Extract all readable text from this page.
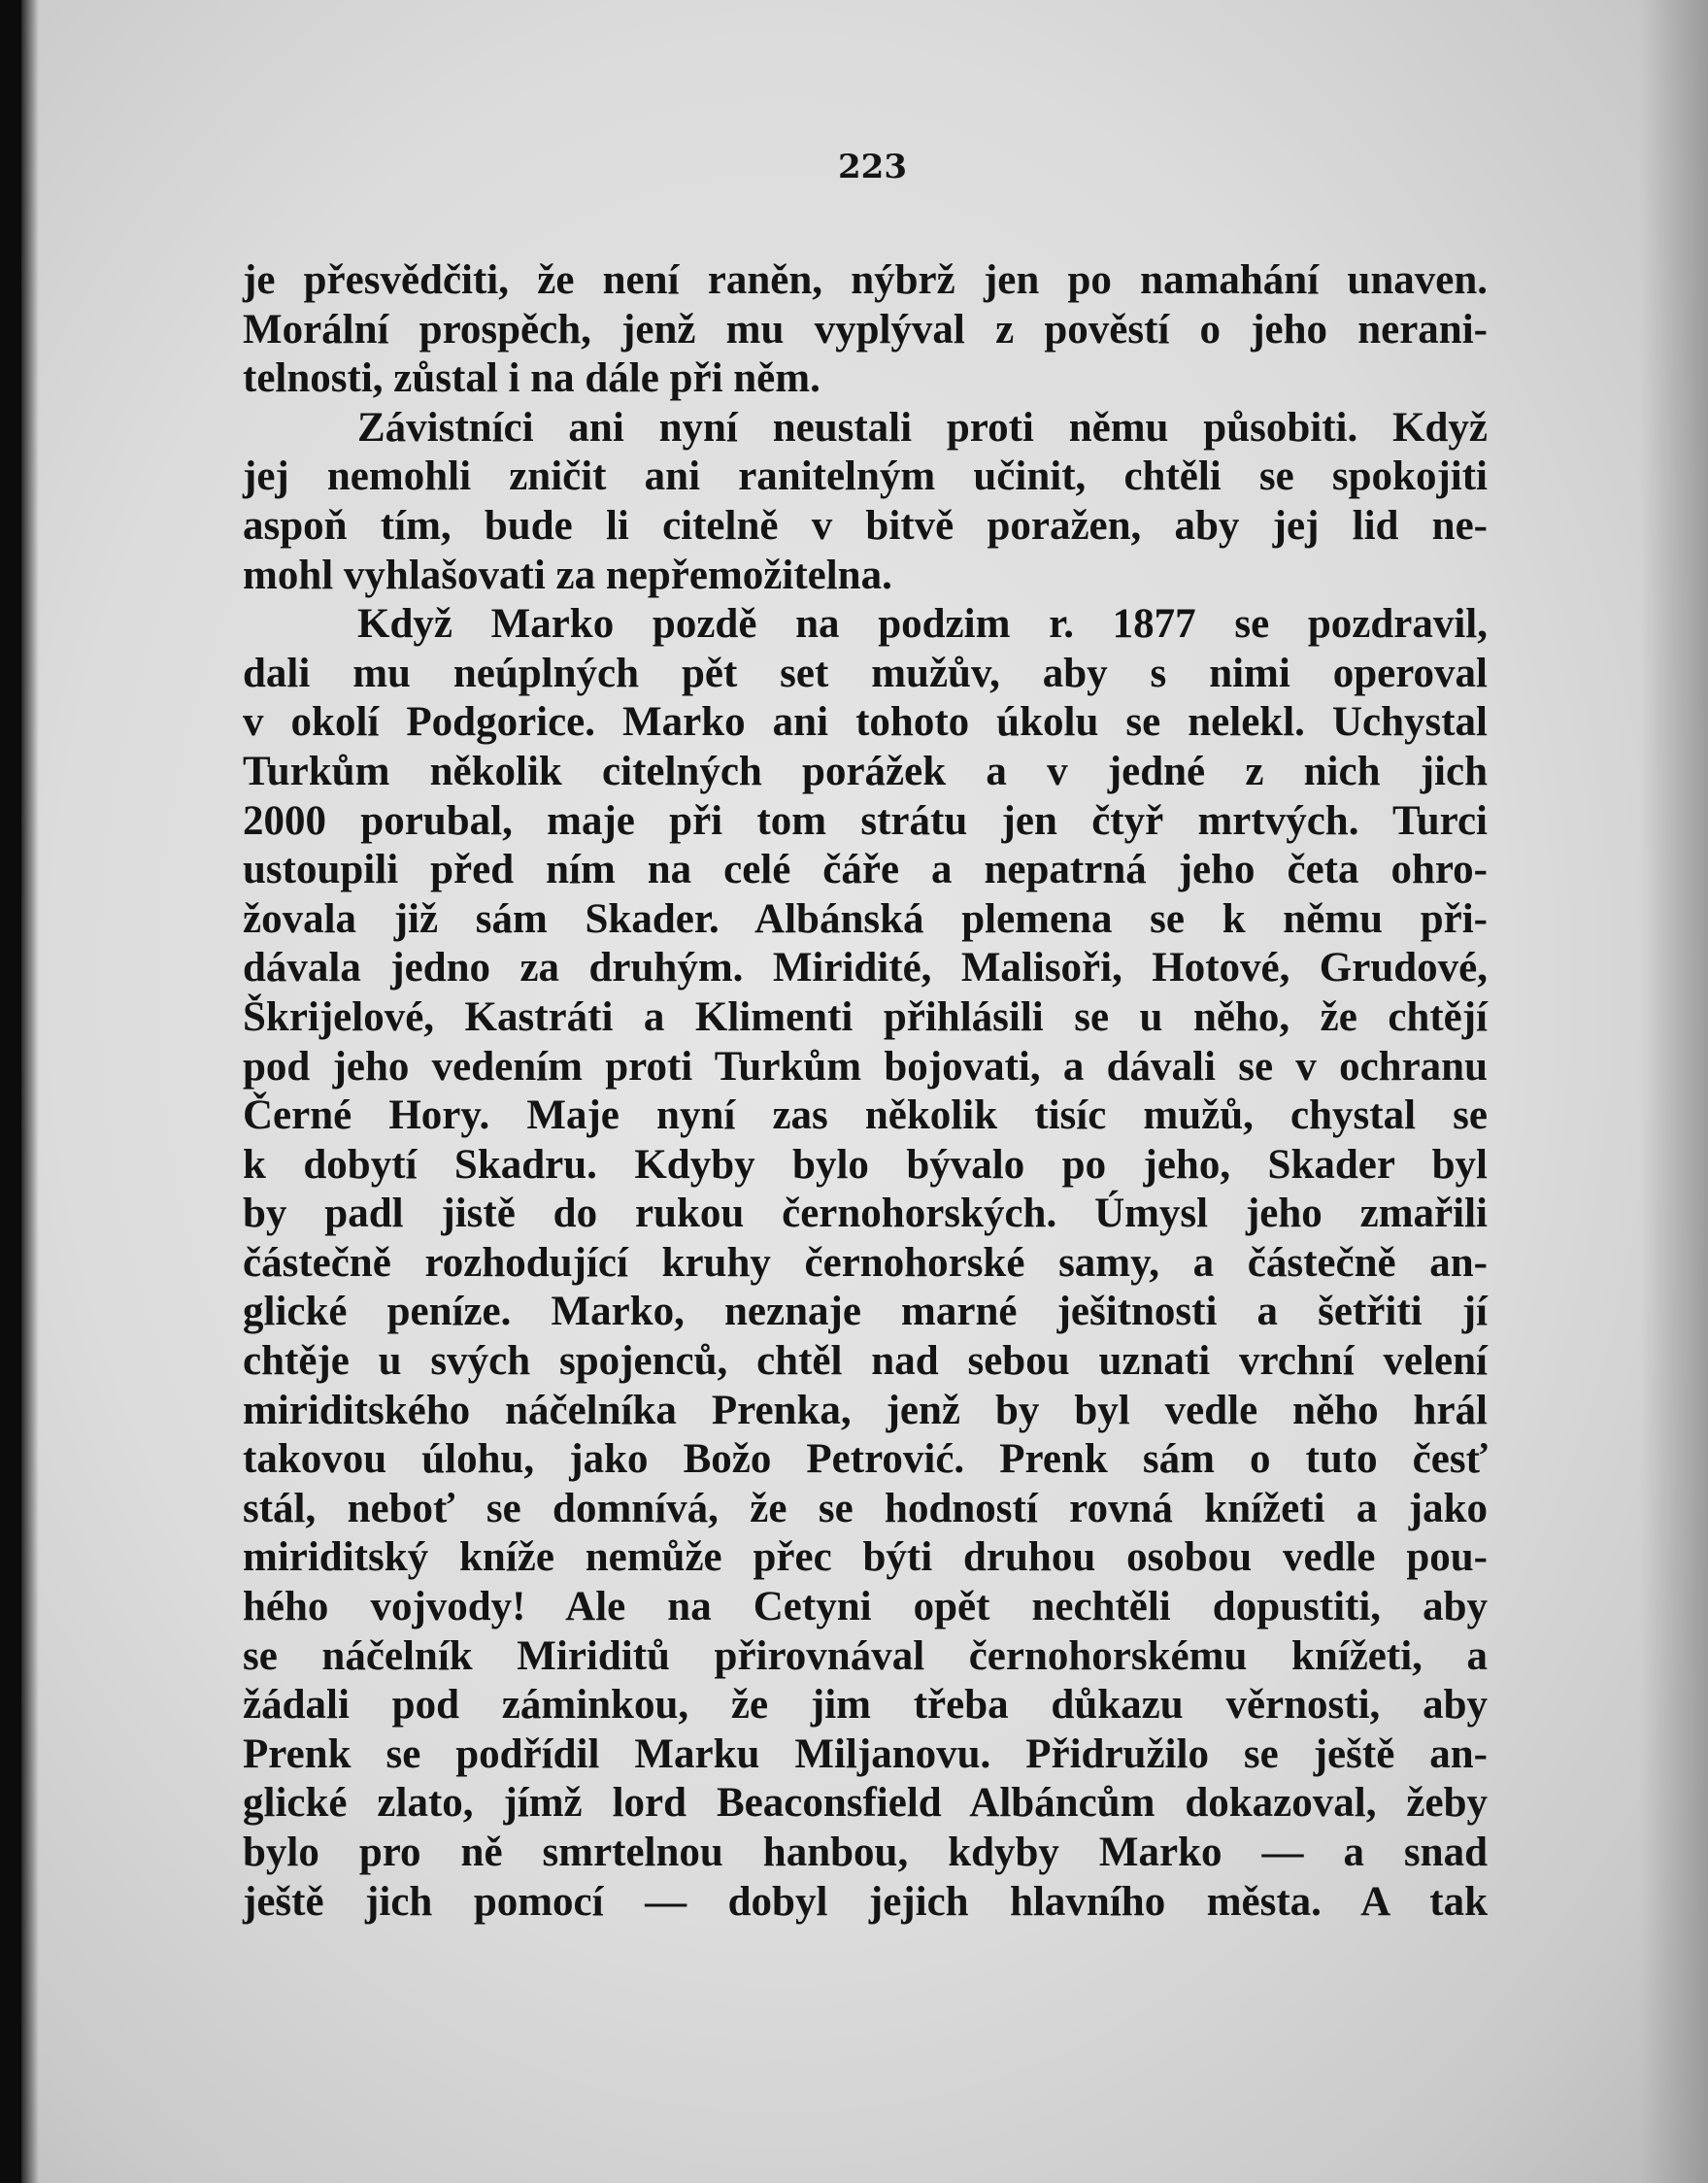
223
je přesvědčiti, že není raněn, nýbrž jen po namahání unaven.
Morální prospěch, jenž mu vyplýval z pověstí o jeho nerani-
telnosti, zůstal i na dále při něm.
Závistníci ani nyní neustali proti němu působiti. Když
jej nemohli zničit ani ranitelným učinit, chtěli se spokojiti
aspoň tím, bude li citelně v bitvě poražen, aby jej lid ne-
mohl vyhlašovati za nepřemožitelna.
Když Marko pozdě na podzim r. 1877 se pozdravil,
dali mu neúplných pět set mužův, aby s nimi operoval
v okolí Podgorice. Marko ani tohoto úkolu se nelekl. Uchystal
Turkům několik citelných porážek a v jedné z nich jich
2000 porubal, maje při tom strátu jen čtyř mrtvých. Turci
ustoupili před ním na celé čáře a nepatrná jeho četa ohro-
žovala již sám Skader. Albánská plemena se k němu při-
dávala jedno za druhým. Miridité, Malisoři, Hotové, Grudové,
Škrijelové, Kastráti a Klimenti přihlásili se u něho, že chtějí
pod jeho vedením proti Turkům bojovati, a dávali se v ochranu
Černé Hory. Maje nyní zas několik tisíc mužů, chystal se
k dobytí Skadru. Kdyby bylo bývalo po jeho, Skader byl
by padl jistě do rukou černohorských. Úmysl jeho zmařili
částečně rozhodující kruhy černohorské samy, a částečně an-
glické peníze. Marko, neznaje marné ješitnosti a šetřiti jí
chtěje u svých spojenců, chtěl nad sebou uznati vrchní velení
miriditského náčelníka Prenka, jenž by byl vedle něho hrál
takovou úlohu, jako Božo Petrović. Prenk sám o tuto česť
stál, neboť se domnívá, že se hodností rovná knížeti a jako
miriditský kníže nemůže přec býti druhou osobou vedle pou-
hého vojvody! Ale na Cetyni opět nechtěli dopustiti, aby
se náčelník Miriditů přirovnával černohorskému knížeti, a
žádali pod záminkou, že jim třeba důkazu věrnosti, aby
Prenk se podřídil Marku Miljanovu. Přidružilo se ještě an-
glické zlato, jímž lord Beaconsfield Albáncům dokazoval, žeby
bylo pro ně smrtelnou hanbou, kdyby Marko — a snad
ještě jich pomocí — dobyl jejich hlavního města. A tak
